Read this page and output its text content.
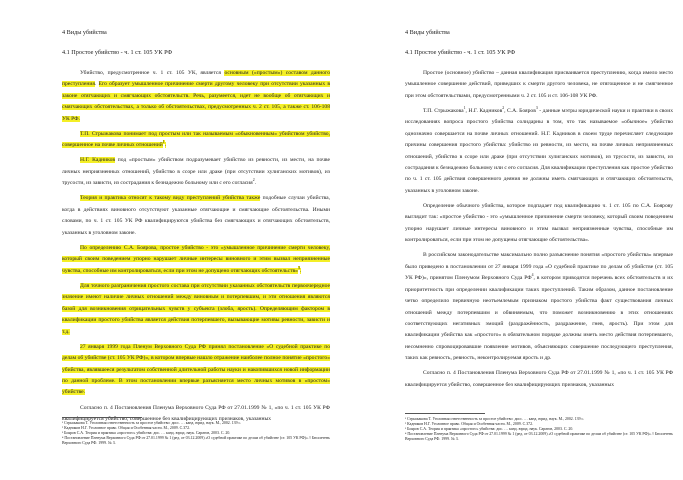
4 Виды убийства

4.1 Простое убийство - ч. 1 ст. 105 УК РФ

Убийство, предусмотренное ч. 1 ст. 105 УК, является основным («простым») составом данного преступления. Его образует умышленное причинение смерти другому человеку при отсутствии указанных в законе отягчающих и смягчающих обстоятельств. Речь, разумеется, идет не вообще об отягчающих и смягчающих обстоятельствах, а только об обстоятельствах, предусмотренных ч. 2 ст. 105, а также ст. 106-108 УК РФ.

Т.П. Стрыжакова понимает под простым или так называемым «обыкновенным» убийством убийство, совершенное на почве личных отношений$^1$.

Н.Г. Кадников под «простым» убийством подразумевает убийство из ревности, из мести, на почве личных неприязненных отношений, убийство в ссоре или драке (при отсутствии хулиганских мотивов), из трусости, из зависти, из сострадания к безнадежно больному или с его согласия$^2$.

Теория и практика относят к такому виду преступлений убийства также подобные случаи убийства, когда в действиях виновного отсутствуют указанные отягчающие и смягчающие обстоятельства. Иными словами, по ч. 1 ст. 105 УК РФ квалифицируются убийства без смягчающих и отягчающих обстоятельств, указанных в уголовном законе.

По определению С.А. Боярова, простое убийство - это «умышленное причинение смерти человеку, который своим поведением упорно нарушает личные интересы виновного и этим вызвал неприязненные чувства, способные им контролироваться, если при этом не допущено отягчающих обстоятельств»$^3$.

Для точного разграничения простого состава при отсутствии указанных обстоятельств первоочередное значение имеют наличие личных отношений между виновным и потерпевшим, и эти отношения являются базой для возникновения отрицательных чувств у субъекта (злоба, ярость). Определяющим фактором в квалификации простого убийства является действия потерпевшего, вызывающие мотивы ревности, зависти и т.д.

27 января 1999 года Пленум Верховного Суда РФ принял постановление «О судебной практике по делам об убийстве (ст. 105 УК РФ)», в котором впервые нашло отражение наиболее полное понятие «простого» убийства, являвшееся результатом собственной длительной работы науки и накопившихся новой информации по данной проблеме. В этом постановлении впервые разъясняется место личных мотивов в «простом» убийстве.

Согласно п. 4 Постановления Пленума Верховного Суда РФ от 27.01.1999 № 1, «по ч. 1 ст. 105 УК РФ квалифицируется убийство, совершенное без квалифицирующих признаков, указанных

¹ Стрыжакова Т. Уголовная ответственность за простое убийство: дисс. … канд. юрид. наук. М., 2002. 139 с.

² Кадников Н.Г. Уголовное право. Общая и Особенная части. М., 2009. С.372.

³ Бояров С.А. Теория и практика «простого» убийства: дис. … канд. юрид. наук. Саратов, 2003. С. 20.

⁴ Постановление Пленума Верховного Суда РФ от 27.01.1999 № 1 (ред. от 03.12.2009) «О судебной практике по делам об убийстве (ст. 105 УК РФ)» // Бюллетень Верховного Суда РФ. 1999. № 3.

4 Виды убийства

4.1 Простое убийство - ч. 1 ст. 105 УК РФ

Простое (основное) убийство – данная квалификация присваивается преступлению, когда имело место умышленное совершение действий, приведших к смерти другого человека, не отягощенное и не смягченное при этом обстоятельствами, предусмотренными ч. 2 ст. 105 и ст. 106-108 УК РФ.

Т.П. Стрыжакова$^1$, Н.Г. Кадников$^2$, С.А. Бояров$^3$ - данные мэтры юридической науки и практики в своих исследованиях вопроса простого убийства солидарны в том, что так называемое «обычное» убийство однозначно совершается на почве личных отношений. Н.Г. Кадников в своем труде перечисляет следующие причины совершения простого убийства: убийство из ревности, из мести, на почве личных неприязненных отношений, убийство в ссоре или драке (при отсутствии хулиганских мотивов), из трусости, из зависти, из сострадания к безнадежно больному или с его согласия. Для квалификации преступления как простое убийство по ч. 1 ст. 105 действия совершенного деяния не должны иметь смягчающих и отягчающих обстоятельств, указанных в уголовном законе.

Определение обычного убийства, которое подпадает под квалификацию ч. 1 ст. 105 по С.А. Боярову выглядит так: «простое убийство - это «умышленное причинение смерти человеку, который своим поведением упорно нарушает личные интересы виновного и этим вызвал неприязненные чувства, способные им контролироваться, если при этом не допущены отягчающие обстоятельства».

В российском законодательстве максимально полно разъяснение понятия «простого убийства» впервые было приведено в постановлении от 27 января 1999 года «О судебной практике по делам об убийстве (ст. 105 УК РФ)», принятом Пленумом Верховного Суда $РФ^4$, в котором приводятся перечень всех обстоятельств и их приоритетность при определении квалификации таких преступлений. Таким образом, данное постановление четко определило первичную неотъемлемым признаком простого убийства факт существования личных отношений между потерпевшим и обвиняемым, что поможет возникновению в этих отношениях соответствующих негативных эмоций (раздражённость, раздражение, гнев, ярость). При этом для квалификации убийства как «простого» в обязательном порядке должны иметь место действия потерпевшего, несомненно спровоцировавшие появление мотивов, объясняющих совершение последующего преступления, таких как ревность, ревность, неконтролируемая ярость и др.

Согласно п. 4 Постановления Пленума Верховного Суда РФ от 27.01.1999 № 1, «по ч. 1 ст. 105 УК РФ квалифицируется убийство, совершенное без квалифицирующих признаков, указанных

¹ Стрыжакова Т. Уголовная ответственность за простое убийство: дисс. … канд. юрид. наук. М., 2002. 139 с.

² Кадников Н.Г. Уголовное право. Общая и Особенная части. М., 2009. С.372.

³ Бояров С.А. Теория и практика «простого» убийства: дис. … канд. юрид. наук. Саратов, 2003. С. 20.

⁴ Постановление Пленума Верховного Суда РФ от 27.01.1999 № 1 (ред. от 03.12.2009) «О судебной практике по делам об убийстве (ст. 105 УК РФ)» // Бюллетень Верховного Суда РФ. 1999. № 3.
